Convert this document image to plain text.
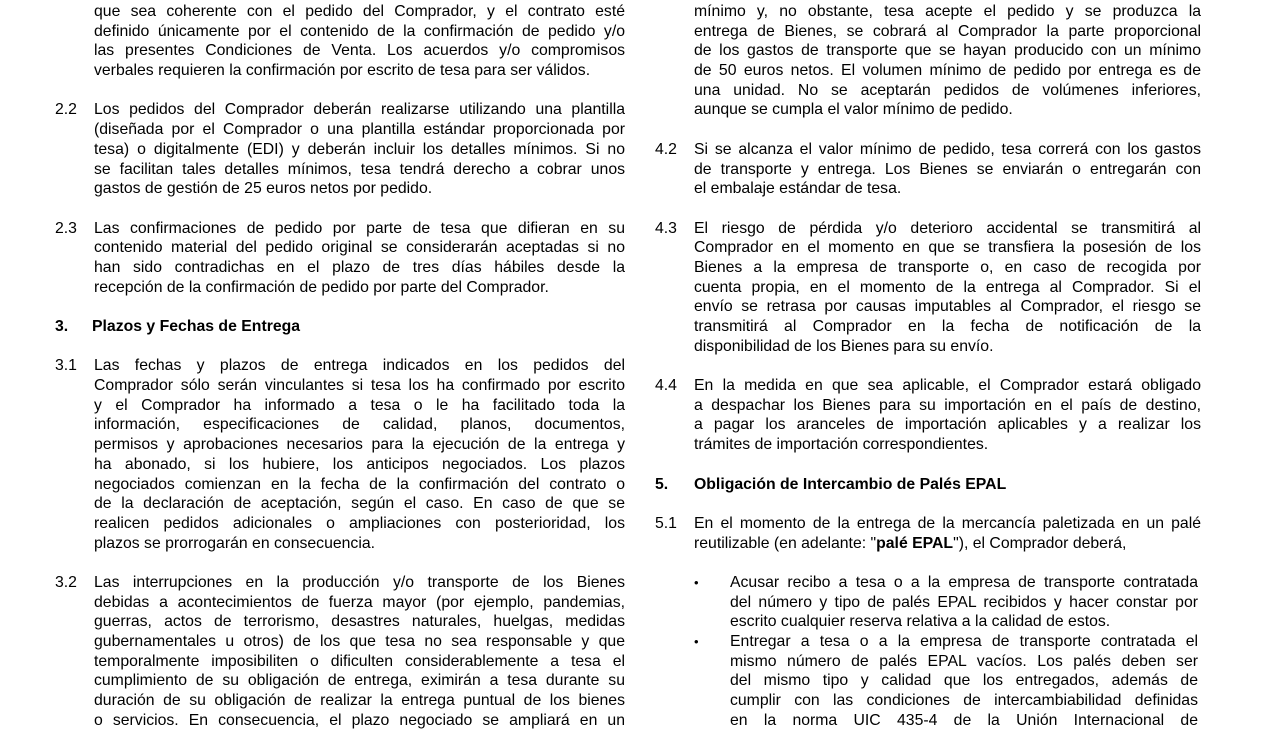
que sea coherente con el pedido del Comprador, y el contrato esté
definido únicamente por el contenido de la confirmación de pedido y/o
las presentes Condiciones de Venta. Los acuerdos y/o compromisos
verbales requieren la confirmación por escrito de tesa para ser válidos.
2.2 Los pedidos del Comprador deberán realizarse utilizando una plantilla
(diseñada por el Comprador o una plantilla estándar proporcionada por
tesa) o digitalmente (EDI) y deberán incluir los detalles mínimos. Si no
se facilitan tales detalles mínimos, tesa tendrá derecho a cobrar unos
gastos de gestión de 25 euros netos por pedido.
2.3 Las confirmaciones de pedido por parte de tesa que difieran en su
contenido material del pedido original se considerarán aceptadas si no
han sido contradichas en el plazo de tres días hábiles desde la
recepción de la confirmación de pedido por parte del Comprador.
3. Plazos y Fechas de Entrega
3.1 Las fechas y plazos de entrega indicados en los pedidos del
Comprador sólo serán vinculantes si tesa los ha confirmado por escrito
y el Comprador ha informado a tesa o le ha facilitado toda la
información, especificaciones de calidad, planos, documentos,
permisos y aprobaciones necesarios para la ejecución de la entrega y
ha abonado, si los hubiere, los anticipos negociados. Los plazos
negociados comienzan en la fecha de la confirmación del contrato o
de la declaración de aceptación, según el caso. En caso de que se
realicen pedidos adicionales o ampliaciones con posterioridad, los
plazos se prorrogarán en consecuencia.
3.2 Las interrupciones en la producción y/o transporte de los Bienes
debidas a acontecimientos de fuerza mayor (por ejemplo, pandemias,
guerras, actos de terrorismo, desastres naturales, huelgas, medidas
gubernamentales u otros) de los que tesa no sea responsable y que
temporalmente imposibiliten o dificulten considerablemente a tesa el
cumplimiento de su obligación de entrega, eximirán a tesa durante su
duración de su obligación de realizar la entrega puntual de los bienes
o servicios. En consecuencia, el plazo negociado se ampliará en un
mínimo y, no obstante, tesa acepte el pedido y se produzca la
entrega de Bienes, se cobrará al Comprador la parte proporcional
de los gastos de transporte que se hayan producido con un mínimo
de 50 euros netos. El volumen mínimo de pedido por entrega es de
una unidad. No se aceptarán pedidos de volúmenes inferiores,
aunque se cumpla el valor mínimo de pedido.
4.2 Si se alcanza el valor mínimo de pedido, tesa correrá con los gastos
de transporte y entrega. Los Bienes se enviarán o entregarán con
el embalaje estándar de tesa.
4.3 El riesgo de pérdida y/o deterioro accidental se transmitirá al
Comprador en el momento en que se transfiera la posesión de los
Bienes a la empresa de transporte o, en caso de recogida por
cuenta propia, en el momento de la entrega al Comprador. Si el
envío se retrasa por causas imputables al Comprador, el riesgo se
transmitirá al Comprador en la fecha de notificación de la
disponibilidad de los Bienes para su envío.
4.4 En la medida en que sea aplicable, el Comprador estará obligado
a despachar los Bienes para su importación en el país de destino,
a pagar los aranceles de importación aplicables y a realizar los
trámites de importación correspondientes.
5. Obligación de Intercambio de Palés EPAL
5.1 En el momento de la entrega de la mercancía paletizada en un palé
reutilizable (en adelante: "palé EPAL"), el Comprador deberá,
• Acusar recibo a tesa o a la empresa de transporte contratada
del número y tipo de palés EPAL recibidos y hacer constar por
escrito cualquier reserva relativa a la calidad de estos.
• Entregar a tesa o a la empresa de transporte contratada el
mismo número de palés EPAL vacíos. Los palés deben ser
del mismo tipo y calidad que los entregados, además de
cumplir con las condiciones de intercambiabilidad definidas
en la norma UIC 435-4 de la Unión Internacional de
